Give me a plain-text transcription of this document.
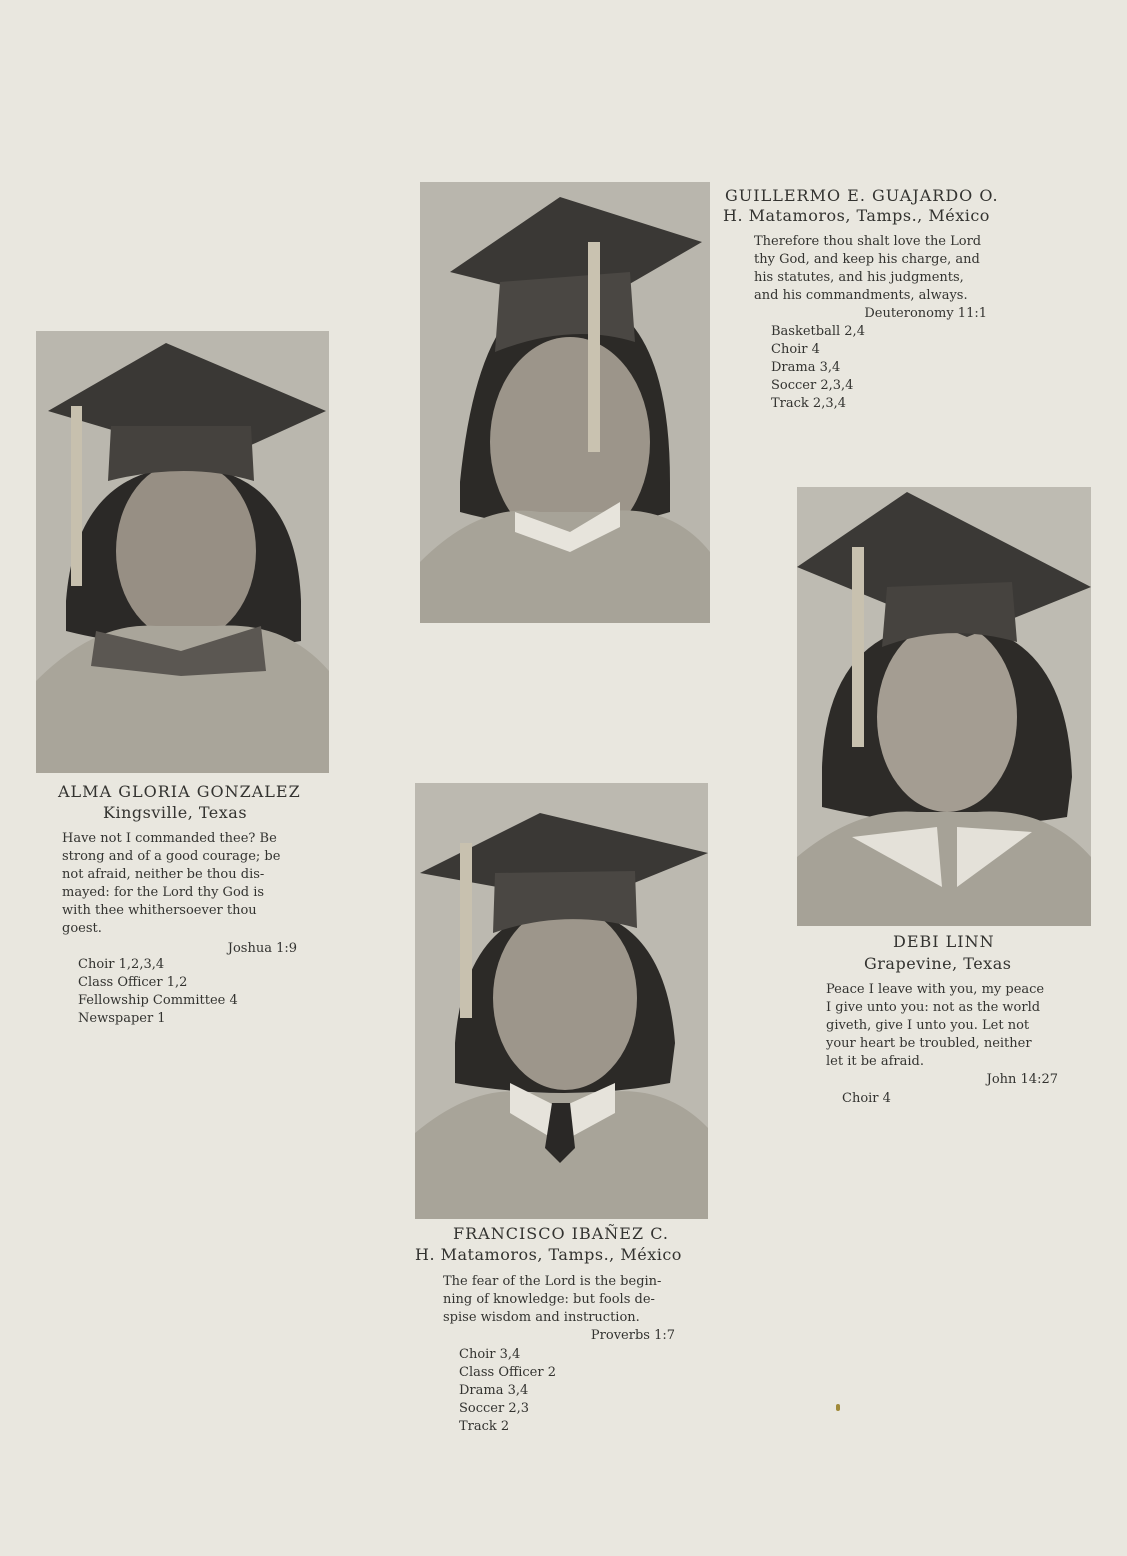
GUILLERMO E. GUAJARDO O.
H. Matamoros, Tamps., México

Therefore thou shalt love the Lord

thy God, and keep his charge, and

his statutes, and his judgments,

and his commandments, always.

Deuteronomy 11:1

Basketball 2,4
Choir 4
Drama 3,4
Soccer 2,3,4
Track 2,3,4
ALMA GLORIA GONZALEZ
Kingsville, Texas

Have not I commanded thee? Be

strong and of a good courage; be

not afraid, neither be thou dis-

mayed: for the Lord thy God is

with thee whithersoever thou

goest.

Joshua 1:9

Choir 1,2,3,4
Class Officer 1,2
Fellowship Committee 4
Newspaper 1
DEBI LINN
Grapevine, Texas

Peace I leave with you, my peace

I give unto you: not as the world

giveth, give I unto you. Let not

your heart be troubled, neither

let it be afraid.

John 14:27

Choir 4
FRANCISCO IBAÑEZ C.
H. Matamoros, Tamps., México

The fear of the Lord is the begin-

ning of knowledge: but fools de-

spise wisdom and instruction.

Proverbs 1:7

Choir 3,4
Class Officer 2
Drama 3,4
Soccer 2,3
Track 2
